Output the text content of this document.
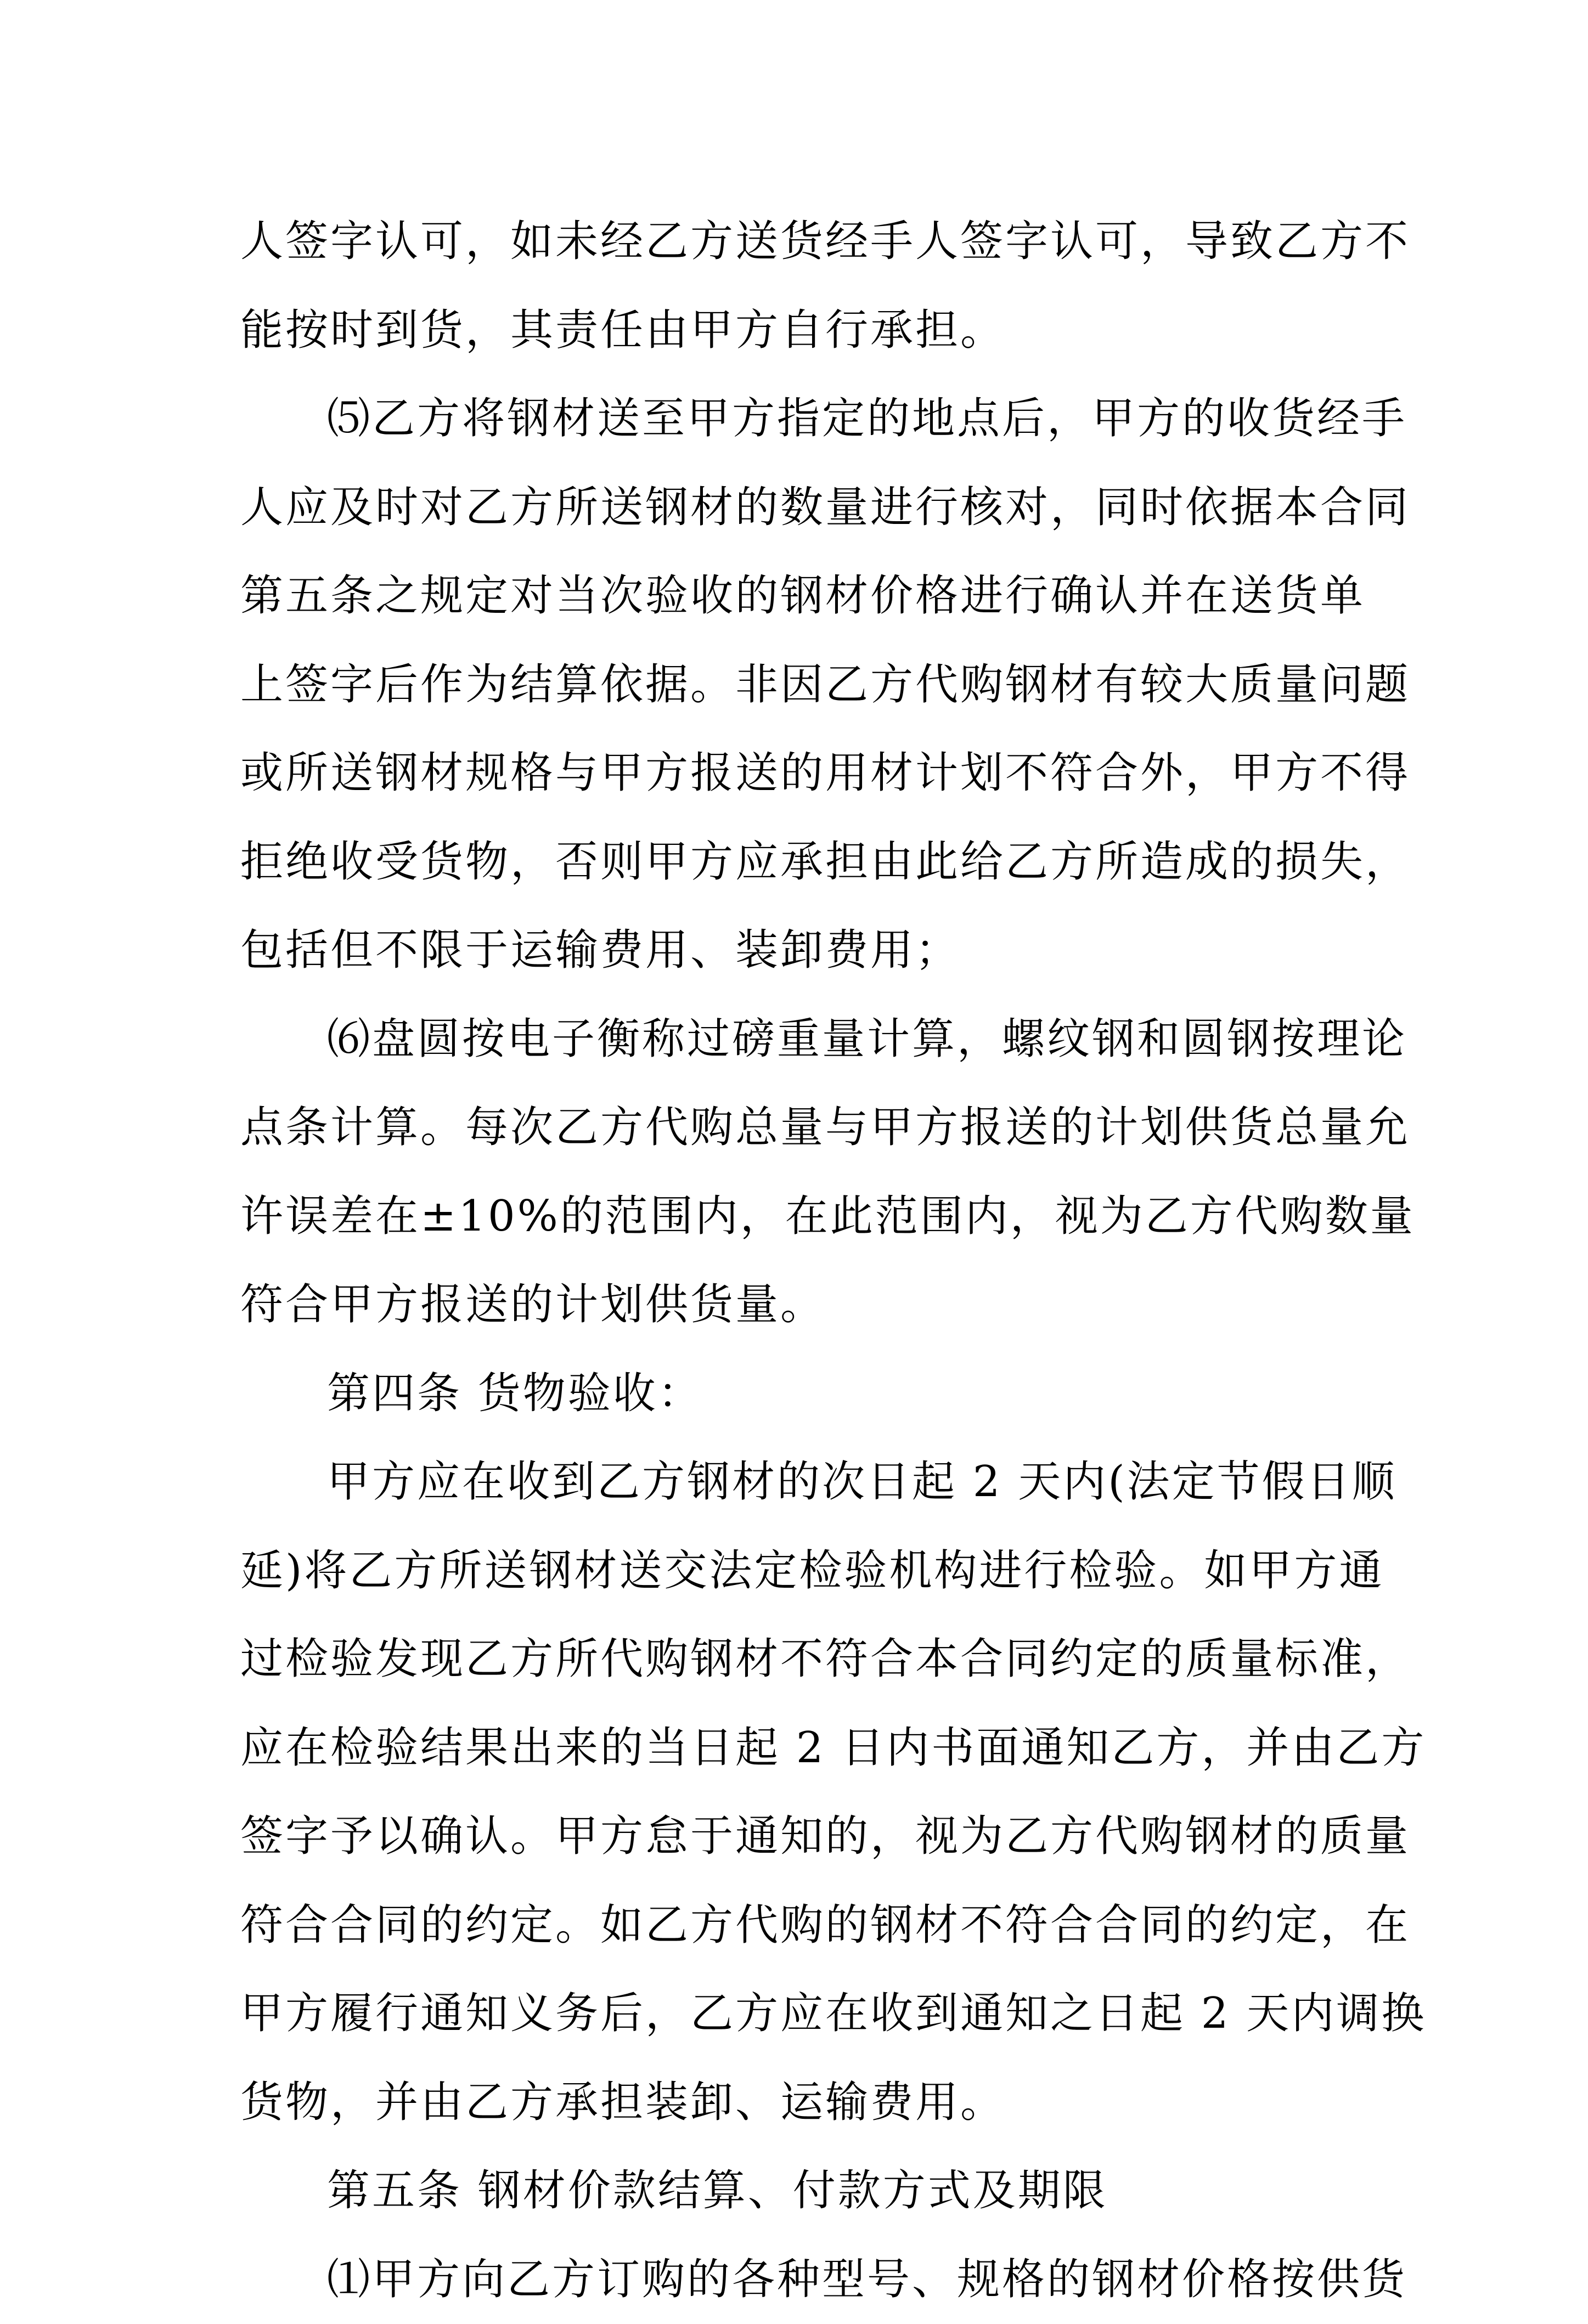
人签字认可，如未经乙方送货经手人签字认可，导致乙方不
能按时到货，其责任由甲方自行承担。
⑸乙方将钢材送至甲方指定的地点后，甲方的收货经手
人应及时对乙方所送钢材的数量进行核对，同时依据本合同
第五条之规定对当次验收的钢材价格进行确认并在送货单
上签字后作为结算依据。非因乙方代购钢材有较大质量问题
或所送钢材规格与甲方报送的用材计划不符合外，甲方不得
拒绝收受货物，否则甲方应承担由此给乙方所造成的损失，
包括但不限于运输费用、装卸费用；
⑹盘圆按电子衡称过磅重量计算，螺纹钢和圆钢按理论
点条计算。每次乙方代购总量与甲方报送的计划供货总量允
许误差在±10%的范围内，在此范围内，视为乙方代购数量
符合甲方报送的计划供货量。
第四条 货物验收：
甲方应在收到乙方钢材的次日起 2 天内(法定节假日顺
延)将乙方所送钢材送交法定检验机构进行检验。如甲方通
过检验发现乙方所代购钢材不符合本合同约定的质量标准，
应在检验结果出来的当日起 2 日内书面通知乙方，并由乙方
签字予以确认。甲方怠于通知的，视为乙方代购钢材的质量
符合合同的约定。如乙方代购的钢材不符合合同的约定，在
甲方履行通知义务后，乙方应在收到通知之日起 2 天内调换
货物，并由乙方承担装卸、运输费用。
第五条 钢材价款结算、付款方式及期限
⑴甲方向乙方订购的各种型号、规格的钢材价格按供货
